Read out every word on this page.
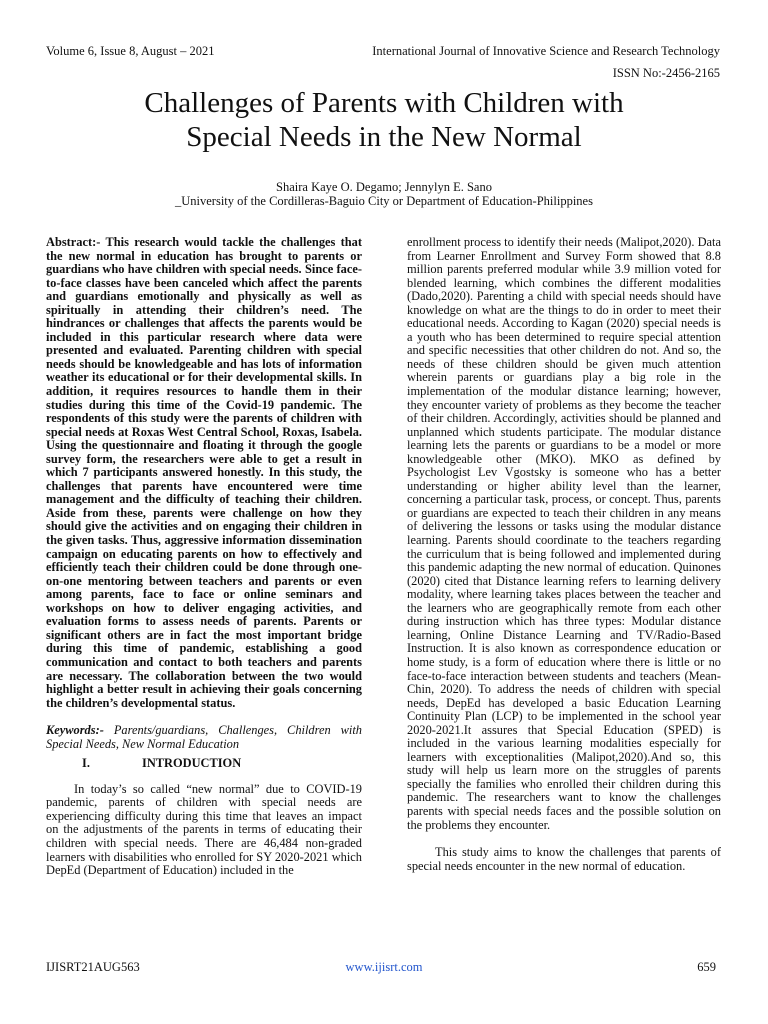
Volume 6, Issue 8, August – 2021	International Journal of Innovative Science and Research Technology
ISSN No:-2456-2165
Challenges of Parents with Children with
Special Needs in the New Normal
Shaira Kaye O. Degamo; Jennylyn E. Sano
_University of the Cordilleras-Baguio City or Department of Education-Philippines

Abstract:- This research would tackle the challenges that the new normal in education has brought to parents or guardians who have children with special needs. Since face-to-face classes have been canceled which affect the parents and guardians emotionally and physically as well as spiritually in attending their children’s need. The hindrances or challenges that affects the parents would be included in this particular research where data were presented and evaluated. Parenting children with special needs should be knowledgeable and has lots of information weather its educational or for their developmental skills. In addition, it requires resources to handle them in their studies during this time of the Covid-19 pandemic. The respondents of this study were the parents of children with special needs at Roxas West Central School, Roxas, Isabela. Using the questionnaire and floating it through the google survey form, the researchers were able to get a result in which 7 participants answered honestly. In this study, the challenges that parents have encountered were time management and the difficulty of teaching their children. Aside from these, parents were challenge on how they should give the activities and on engaging their children in the given tasks. Thus, aggressive information dissemination campaign on educating parents on how to effectively and efficiently teach their children could be done through one-on-one mentoring between teachers and parents or even among parents, face to face or online seminars and workshops on how to deliver engaging activities, and evaluation forms to assess needs of parents. Parents or significant others are in fact the most important bridge during this time of pandemic, establishing a good communication and contact to both teachers and parents are necessary. The collaboration between the two would highlight a better result in achieving their goals concerning the children’s developmental status.

Keywords:- Parents/guardians, Challenges, Children with Special Needs, New Normal Education

I.	INTRODUCTION

In today’s so called “new normal” due to COVID-19 pandemic, parents of children with special needs are experiencing difficulty during this time that leaves an impact on the adjustments of the parents in terms of educating their children with special needs. There are 46,484 non-graded learners with disabilities who enrolled for SY 2020-2021 which DepEd (Department of Education) included in the

enrollment process to identify their needs (Malipot,2020). Data from Learner Enrollment and Survey Form showed that 8.8 million parents preferred modular while 3.9 million voted for blended learning, which combines the different modalities (Dado,2020). Parenting a child with special needs should have knowledge on what are the things to do in order to meet their educational needs. According to Kagan (2020) special needs is a youth who has been determined to require special attention and specific necessities that other children do not. And so, the needs of these children should be given much attention wherein parents or guardians play a big role in the implementation of the modular distance learning; however, they encounter variety of problems as they become the teacher of their children. Accordingly, activities should be planned and unplanned which students participate. The modular distance learning lets the parents or guardians to be a model or more knowledgeable other (MKO). MKO as defined by Psychologist Lev Vgostsky is someone who has a better understanding or higher ability level than the learner, concerning a particular task, process, or concept. Thus, parents or guardians are expected to teach their children in any means of delivering the lessons or tasks using the modular distance learning. Parents should coordinate to the teachers regarding the curriculum that is being followed and implemented during this pandemic adapting the new normal of education. Quinones (2020) cited that Distance learning refers to learning delivery modality, where learning takes places between the teacher and the learners who are geographically remote from each other during instruction which has three types: Modular distance learning, Online Distance Learning and TV/Radio-Based Instruction. It is also known as correspondence education or home study, is a form of education where there is little or no face-to-face interaction between students and teachers (Mean-Chin, 2020). To address the needs of children with special needs, DepEd has developed a basic Education Learning Continuity Plan (LCP) to be implemented in the school year 2020-2021.It assures that Special Education (SPED) is included in the various learning modalities especially for learners with exceptionalities (Malipot,2020).And so, this study will help us learn more on the struggles of parents specially the families who enrolled their children during this pandemic. The researchers want to know the challenges parents with special needs faces and the possible solution on the problems they encounter.

This study aims to know the challenges that parents of special needs encounter in the new normal of education.

IJISRT21AUG563	www.ijisrt.com	659
